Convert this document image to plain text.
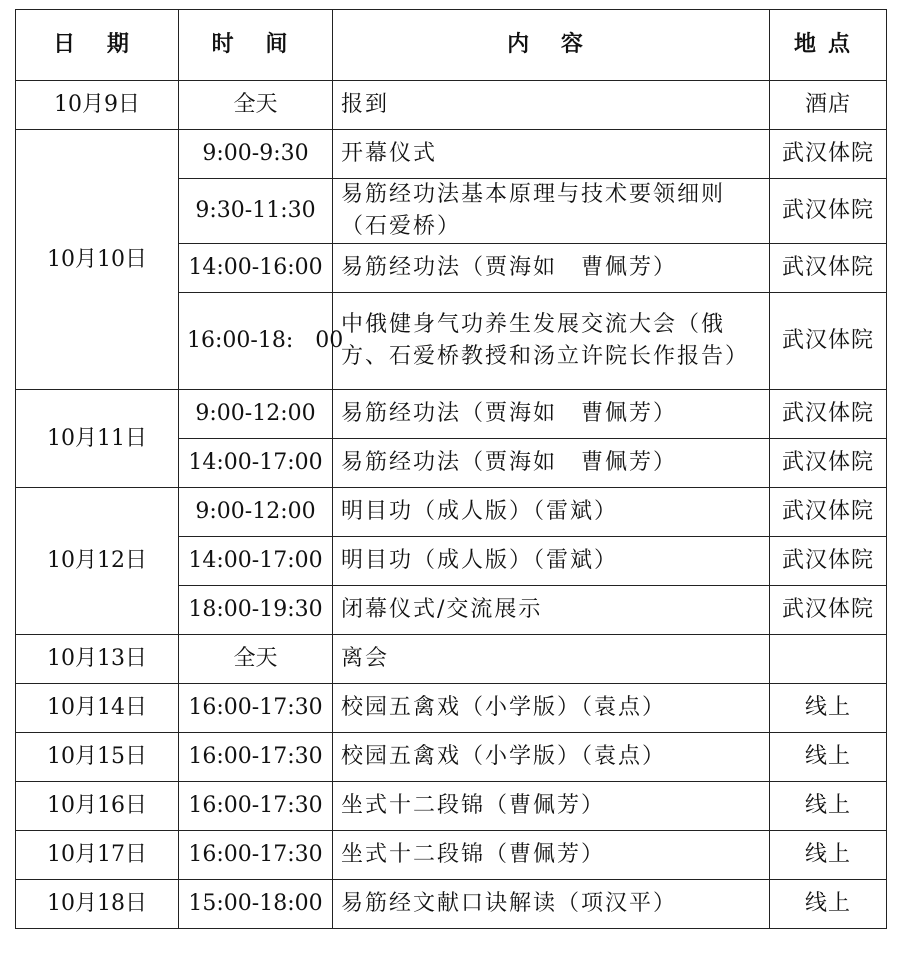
日 期	时 间	内 容	地点
10月9日	全天	报到	酒店
10月10日	9:00-9:30	开幕仪式	武汉体院
	9:30-11:30	易筋经功法基本原理与技术要领细则（石爱桥）	武汉体院
	14:00-16:00	易筋经功法（贾海如　曹佩芳）	武汉体院
	16:00-18:　00	中俄健身气功养生发展交流大会（俄方、石爱桥教授和汤立许院长作报告）	武汉体院
10月11日	9:00-12:00	易筋经功法（贾海如　曹佩芳）	武汉体院
	14:00-17:00	易筋经功法（贾海如　曹佩芳）	武汉体院
10月12日	9:00-12:00	明目功（成人版）（雷斌）	武汉体院
	14:00-17:00	明目功（成人版）（雷斌）	武汉体院
	18:00-19:30	闭幕仪式/交流展示	武汉体院
10月13日	全天	离会	
10月14日	16:00-17:30	校园五禽戏（小学版）（袁点）	线上
10月15日	16:00-17:30	校园五禽戏（小学版）（袁点）	线上
10月16日	16:00-17:30	坐式十二段锦（曹佩芳）	线上
10月17日	16:00-17:30	坐式十二段锦（曹佩芳）	线上
10月18日	15:00-18:00	易筋经文献口诀解读（项汉平）	线上
